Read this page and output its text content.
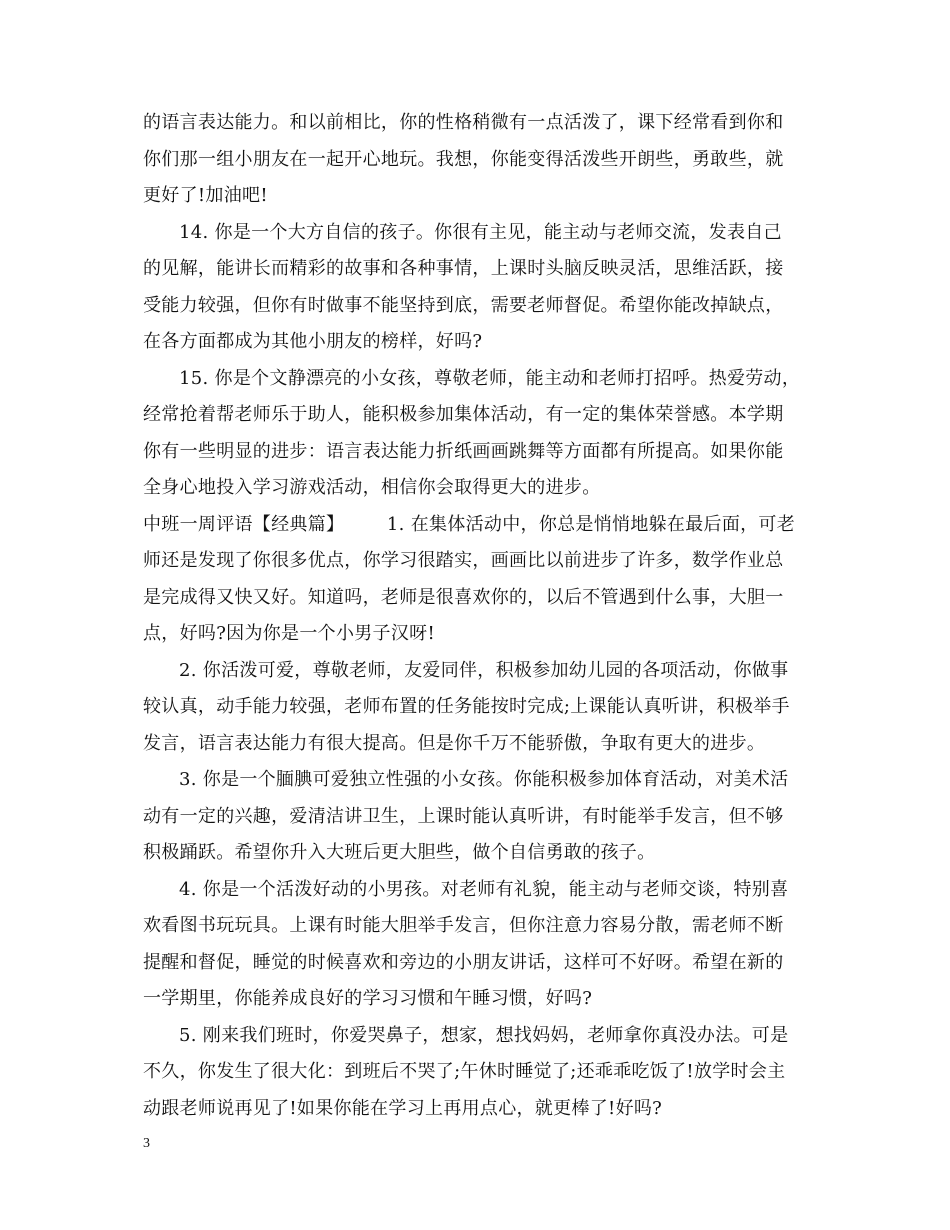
的语言表达能力。和以前相比，你的性格稍微有一点活泼了，课下经常看到你和
你们那一组小朋友在一起开心地玩。我想，你能变得活泼些开朗些，勇敢些，就
更好了!加油吧!
14. 你是一个大方自信的孩子。你很有主见，能主动与老师交流，发表自己
的见解，能讲长而精彩的故事和各种事情，上课时头脑反映灵活，思维活跃，接
受能力较强，但你有时做事不能坚持到底，需要老师督促。希望你能改掉缺点，
在各方面都成为其他小朋友的榜样，好吗?
15. 你是个文静漂亮的小女孩，尊敬老师，能主动和老师打招呼。热爱劳动，
经常抢着帮老师乐于助人，能积极参加集体活动，有一定的集体荣誉感。本学期
你有一些明显的进步：语言表达能力折纸画画跳舞等方面都有所提高。如果你能
全身心地投入学习游戏活动，相信你会取得更大的进步。
中班一周评语【经典篇】 　　1. 在集体活动中，你总是悄悄地躲在最后面，可老
师还是发现了你很多优点，你学习很踏实，画画比以前进步了许多，数学作业总
是完成得又快又好。知道吗，老师是很喜欢你的，以后不管遇到什么事，大胆一
点，好吗?因为你是一个小男子汉呀!
2. 你活泼可爱，尊敬老师，友爱同伴，积极参加幼儿园的各项活动，你做事
较认真，动手能力较强，老师布置的任务能按时完成;上课能认真听讲，积极举手
发言，语言表达能力有很大提高。但是你千万不能骄傲，争取有更大的进步。
3. 你是一个腼腆可爱独立性强的小女孩。你能积极参加体育活动，对美术活
动有一定的兴趣，爱清洁讲卫生，上课时能认真听讲，有时能举手发言，但不够
积极踊跃。希望你升入大班后更大胆些，做个自信勇敢的孩子。
4. 你是一个活泼好动的小男孩。对老师有礼貌，能主动与老师交谈，特别喜
欢看图书玩玩具。上课有时能大胆举手发言，但你注意力容易分散，需老师不断
提醒和督促，睡觉的时候喜欢和旁边的小朋友讲话，这样可不好呀。希望在新的
一学期里，你能养成良好的学习习惯和午睡习惯，好吗?
5. 刚来我们班时，你爱哭鼻子，想家，想找妈妈，老师拿你真没办法。可是
不久，你发生了很大化：到班后不哭了;午休时睡觉了;还乖乖吃饭了!放学时会主
动跟老师说再见了!如果你能在学习上再用点心，就更棒了!好吗?
3
